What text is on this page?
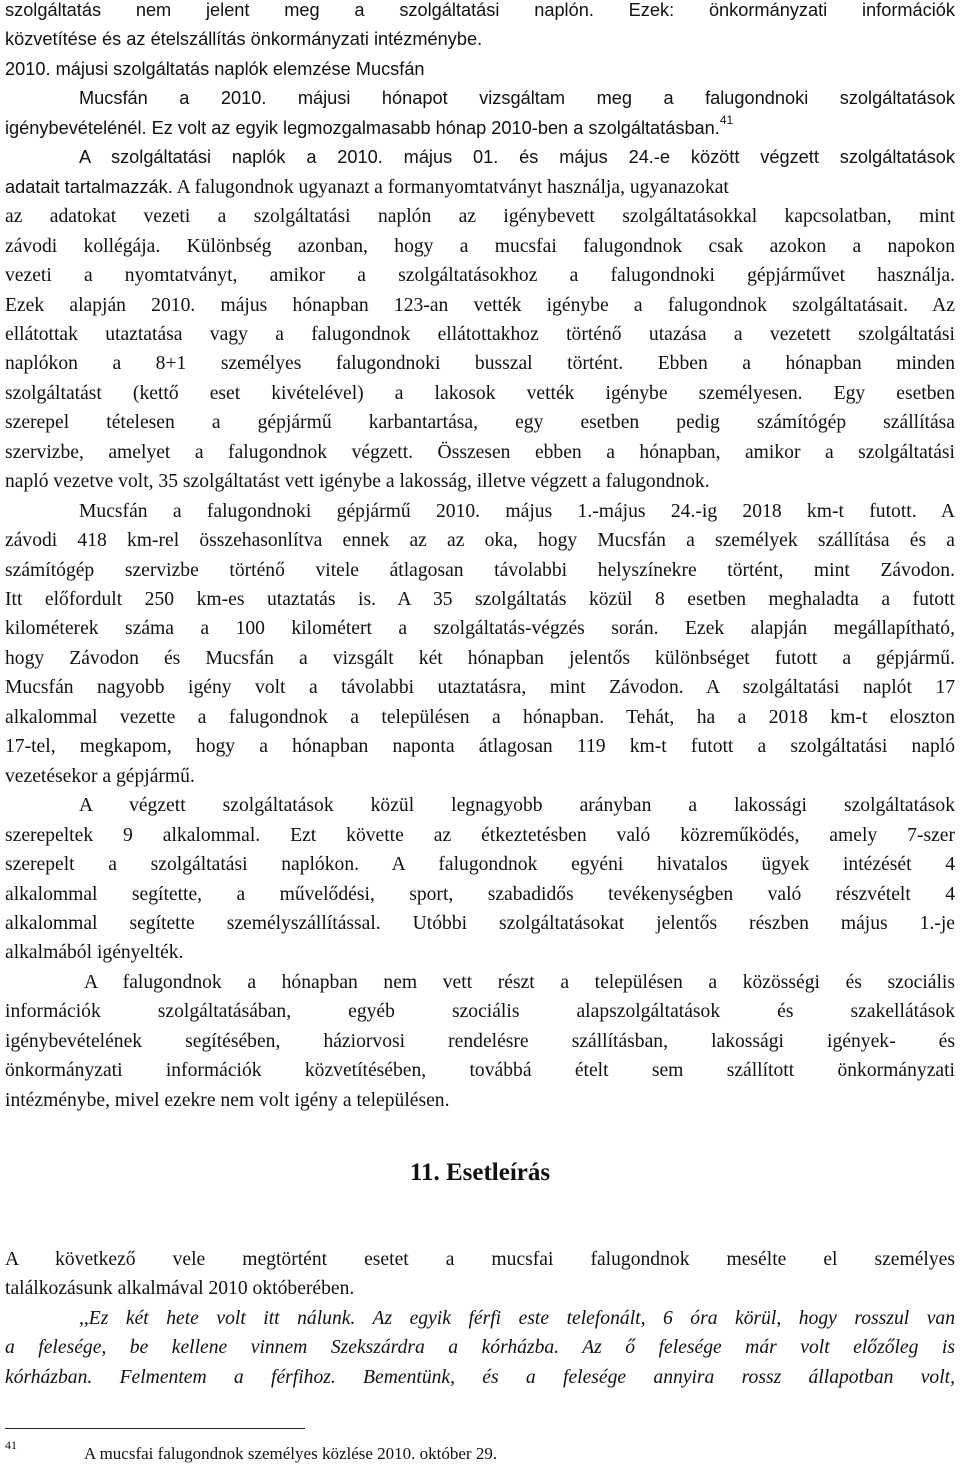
szolgáltatás nem jelent meg a szolgáltatási naplón. Ezek: önkormányzati információk
közvetítése és az ételszállítás önkormányzati intézménybe.
2010. májusi szolgáltatás naplók elemzése Mucsfán
Mucsfán a 2010. májusi hónapot vizsgáltam meg a falugondnoki szolgáltatások
igénybevételénél. Ez volt az egyik legmozgalmasabb hónap 2010-ben a szolgáltatásban.$^{41}$
A szolgáltatási naplók a 2010. május 01. és május 24.-e között végzett szolgáltatások
adatait tartalmazzák. A falugondnok ugyanazt a formanyomtatványt használja, ugyanazokat
az adatokat vezeti a szolgáltatási naplón az igénybevett szolgáltatásokkal kapcsolatban, mint
závodi kollégája. Különbség azonban, hogy a mucsfai falugondnok csak azokon a napokon
vezeti a nyomtatványt, amikor a szolgáltatásokhoz a falugondnoki gépjárművet használja.
Ezek alapján 2010. május hónapban 123-an vették igénybe a falugondnok szolgáltatásait. Az
ellátottak utaztatása vagy a falugondnok ellátottakhoz történő utazása a vezetett szolgáltatási
naplókon a 8+1 személyes falugondnoki busszal történt. Ebben a hónapban minden
szolgáltatást (kettő eset kivételével) a lakosok vették igénybe személyesen. Egy esetben
szerepel tételesen a gépjármű karbantartása, egy esetben pedig számítógép szállítása
szervizbe, amelyet a falugondnok végzett. Összesen ebben a hónapban, amikor a szolgáltatási
napló vezetve volt, 35 szolgáltatást vett igénybe a lakosság, illetve végzett a falugondnok.
Mucsfán a falugondnoki gépjármű 2010. május 1.-május 24.-ig 2018 km-t futott. A
závodi 418 km-rel összehasonlítva ennek az az oka, hogy Mucsfán a személyek szállítása és a
számítógép szervizbe történő vitele átlagosan távolabbi helyszínekre történt, mint Závodon.
Itt előfordult 250 km-es utaztatás is. A 35 szolgáltatás közül 8 esetben meghaladta a futott
kilométerek száma a 100 kilométert a szolgáltatás-végzés során. Ezek alapján megállapítható,
hogy Závodon és Mucsfán a vizsgált két hónapban jelentős különbséget futott a gépjármű.
Mucsfán nagyobb igény volt a távolabbi utaztatásra, mint Závodon. A szolgáltatási naplót 17
alkalommal vezette a falugondnok a településen a hónapban. Tehát, ha a 2018 km-t eloszton
17-tel, megkapom, hogy a hónapban naponta átlagosan 119 km-t futott a szolgáltatási napló
vezetésekor a gépjármű.
A végzett szolgáltatások közül legnagyobb arányban a lakossági szolgáltatások
szerepeltek 9 alkalommal. Ezt követte az étkeztetésben való közreműködés, amely 7-szer
szerepelt a szolgáltatási naplókon. A falugondnok egyéni hivatalos ügyek intézését 4
alkalommal segítette, a művelődési, sport, szabadidős tevékenységben való részvételt 4
alkalommal segítette személyszállítással. Utóbbi szolgáltatásokat jelentős részben május 1.-je
alkalmából igényelték.
A falugondnok a hónapban nem vett részt a településen a közösségi és szociális
információk szolgáltatásában, egyéb szociális alapszolgáltatások és szakellátások
igénybevételének segítésében, háziorvosi rendelésre szállításban, lakossági igények- és
önkormányzati információk közvetítésében, továbbá ételt sem szállított önkormányzati
intézménybe, mivel ezekre nem volt igény a településen.
11. Esetleírás
A következő vele megtörtént esetet a mucsfai falugondnok mesélte el személyes
találkozásunk alkalmával 2010 októberében.
,,Ez két hete volt itt nálunk. Az egyik férfi este telefonált, 6 óra körül, hogy rosszul van
a felesége, be kellene vinnem Szekszárdra a kórházba. Az ő felesége már volt előzőleg is
kórházban. Felmentem a férfihoz. Bementünk, és a felesége annyira rossz állapotban volt,
41	A mucsfai falugondnok személyes közlése 2010. október 29.
